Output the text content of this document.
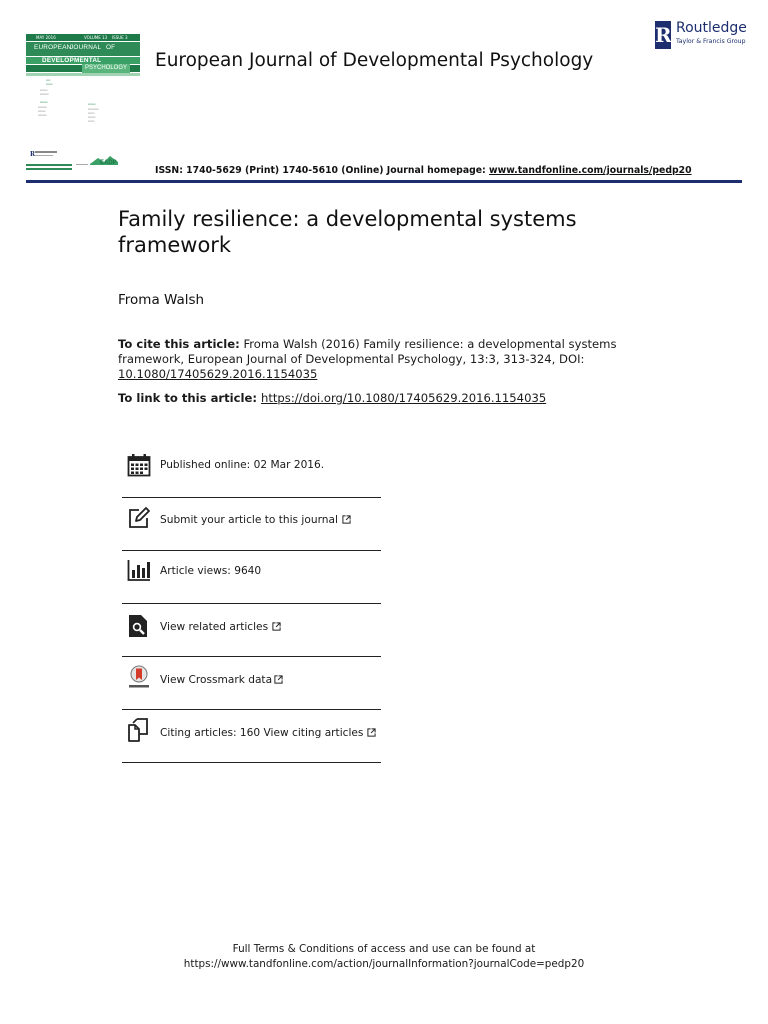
MAY 2016	VOLUME 13 ISSUE 3
EUROPEAN
JOURNAL OF
DEVELOPMENTAL
PSYCHOLOGY
▪▪▪▪
▪▪▪▪▪▪
▪▪▪▪▪▪▪
▪▪▪▪▪▪▪▪
▪▪▪▪▪▪▪
▪▪▪▪▪▪▪▪
▪▪▪▪▪▪▪
▪▪▪▪▪▪▪▪
▪▪▪▪▪▪▪
▪▪▪▪▪▪▪▪▪▪
▪▪▪▪▪▪
▪▪▪▪▪▪▪
▪▪▪▪▪▪
R
EADP
European Journal of Developmental Psychology
R Routledge
Taylor & Francis Group
ISSN: 1740-5629 (Print) 1740-5610 (Online) Journal homepage: www.tandfonline.com/journals/pedp20
Family resilience: a developmental systems framework
Froma Walsh
To cite this article: Froma Walsh (2016) Family resilience: a developmental systems framework, European Journal of Developmental Psychology, 13:3, 313-324, DOI: 10.1080/17405629.2016.1154035
To link to this article: https://doi.org/10.1080/17405629.2016.1154035
Published online: 02 Mar 2016.
Submit your article to this journal
Article views: 9640
View related articles
View Crossmark data
Citing articles: 160 View citing articles
Full Terms & Conditions of access and use can be found at
https://www.tandfonline.com/action/journalInformation?journalCode=pedp20
